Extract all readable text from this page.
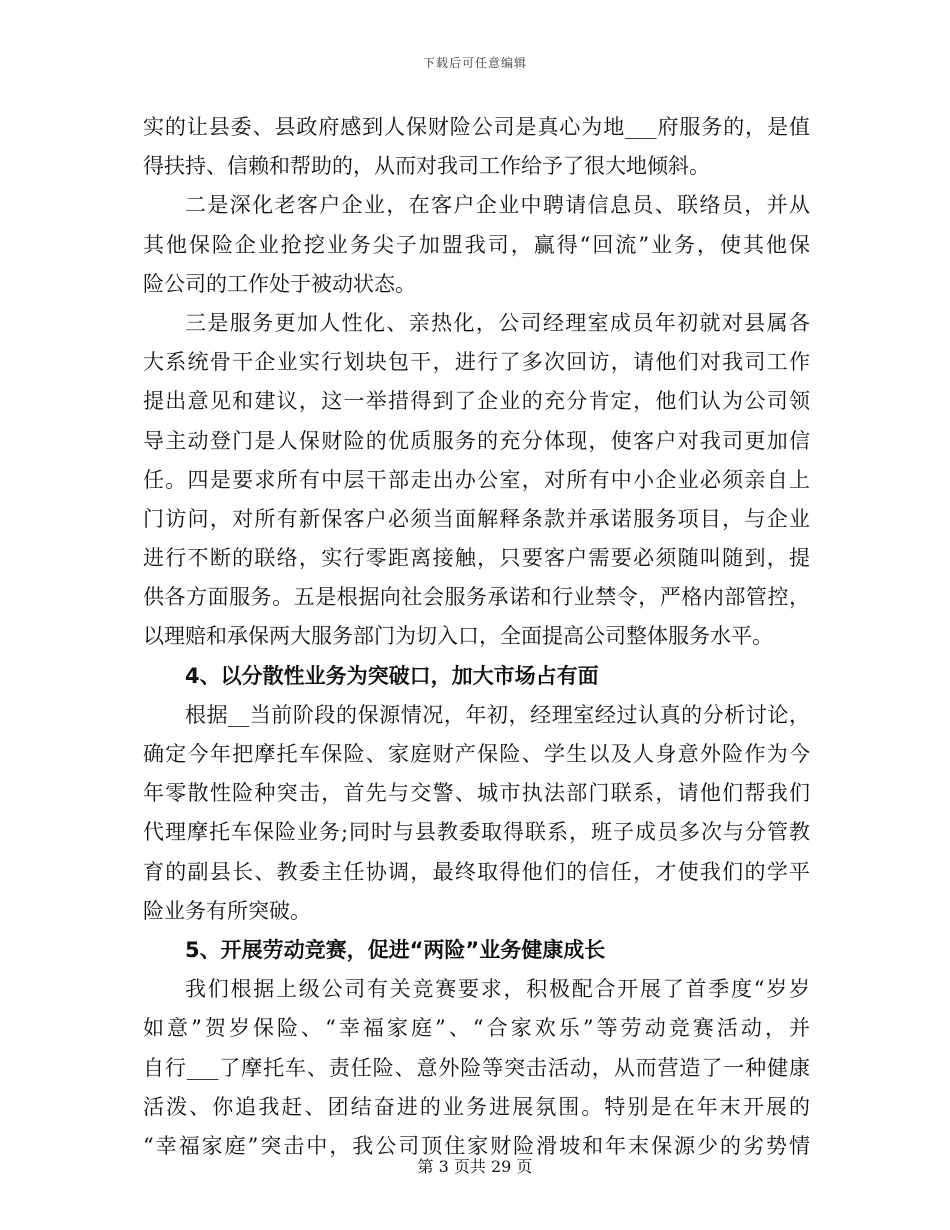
下载后可任意编辑
实的让县委、县政府感到人保财险公司是真心为地___府服务的，是值
得扶持、信赖和帮助的，从而对我司工作给予了很大地倾斜。
二是深化老客户企业，在客户企业中聘请信息员、联络员，并从
其他保险企业抢挖业务尖子加盟我司，赢得“回流”业务，使其他保
险公司的工作处于被动状态。
三是服务更加人性化、亲热化，公司经理室成员年初就对县属各
大系统骨干企业实行划块包干，进行了多次回访，请他们对我司工作
提出意见和建议，这一举措得到了企业的充分肯定，他们认为公司领
导主动登门是人保财险的优质服务的充分体现，使客户对我司更加信
任。四是要求所有中层干部走出办公室，对所有中小企业必须亲自上
门访问，对所有新保客户必须当面解释条款并承诺服务项目，与企业
进行不断的联络，实行零距离接触，只要客户需要必须随叫随到，提
供各方面服务。五是根据向社会服务承诺和行业禁令，严格内部管控，
以理赔和承保两大服务部门为切入口，全面提高公司整体服务水平。
4、以分散性业务为突破口，加大市场占有面
根据__当前阶段的保源情况，年初，经理室经过认真的分析讨论，
确定今年把摩托车保险、家庭财产保险、学生以及人身意外险作为今
年零散性险种突击，首先与交警、城市执法部门联系，请他们帮我们
代理摩托车保险业务;同时与县教委取得联系，班子成员多次与分管教
育的副县长、教委主任协调，最终取得他们的信任，才使我们的学平
险业务有所突破。
5、开展劳动竞赛，促进“两险”业务健康成长
我们根据上级公司有关竞赛要求，积极配合开展了首季度“岁岁
如意”贺岁保险、“幸福家庭”、“合家欢乐”等劳动竞赛活动，并
自行___了摩托车、责任险、意外险等突击活动，从而营造了一种健康
活泼、你追我赶、团结奋进的业务进展氛围。特别是在年末开展的
“幸福家庭”突击中，我公司顶住家财险滑坡和年末保源少的劣势情
第 3 页共 29 页
